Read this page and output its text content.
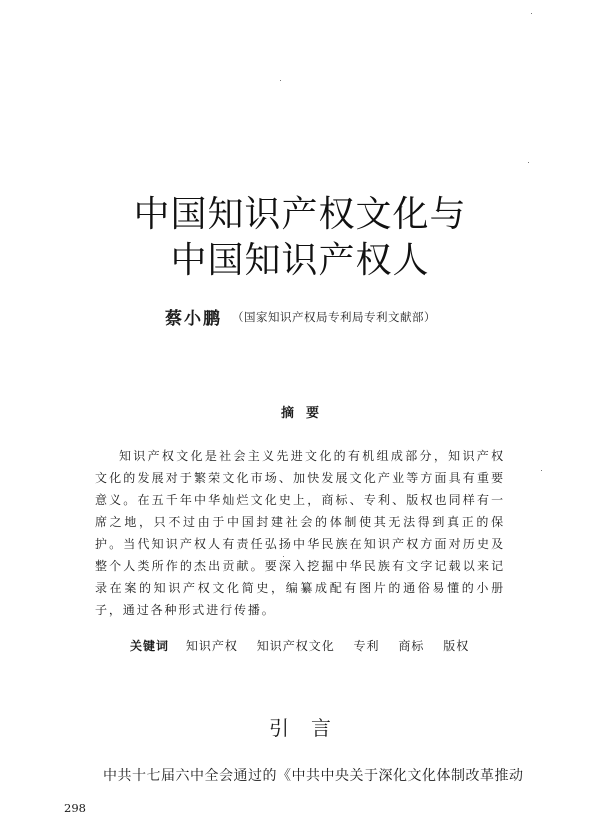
中国知识产权文化与
中国知识产权人
蔡小鹏 （国家知识产权局专利局专利文献部）
摘要

知识产权文化是社会主义先进文化的有机组成部分，知识产权文化的发展对于繁荣文化市场、加快发展文化产业等方面具有重要意义。在五千年中华灿烂文化史上，商标、专利、版权也同样有一席之地，只不过由于中国封建社会的体制使其无法得到真正的保护。当代知识产权人有责任弘扬中华民族在知识产权方面对历史及整个人类所作的杰出贡献。要深入挖掘中华民族有文字记载以来记录在案的知识产权文化简史，编纂成配有图片的通俗易懂的小册子，通过各种形式进行传播。

关键词 知识产权 知识产权文化 专利 商标 版权
引言
中共十七届六中全会通过的《中共中央关于深化文化体制改革推动
298
